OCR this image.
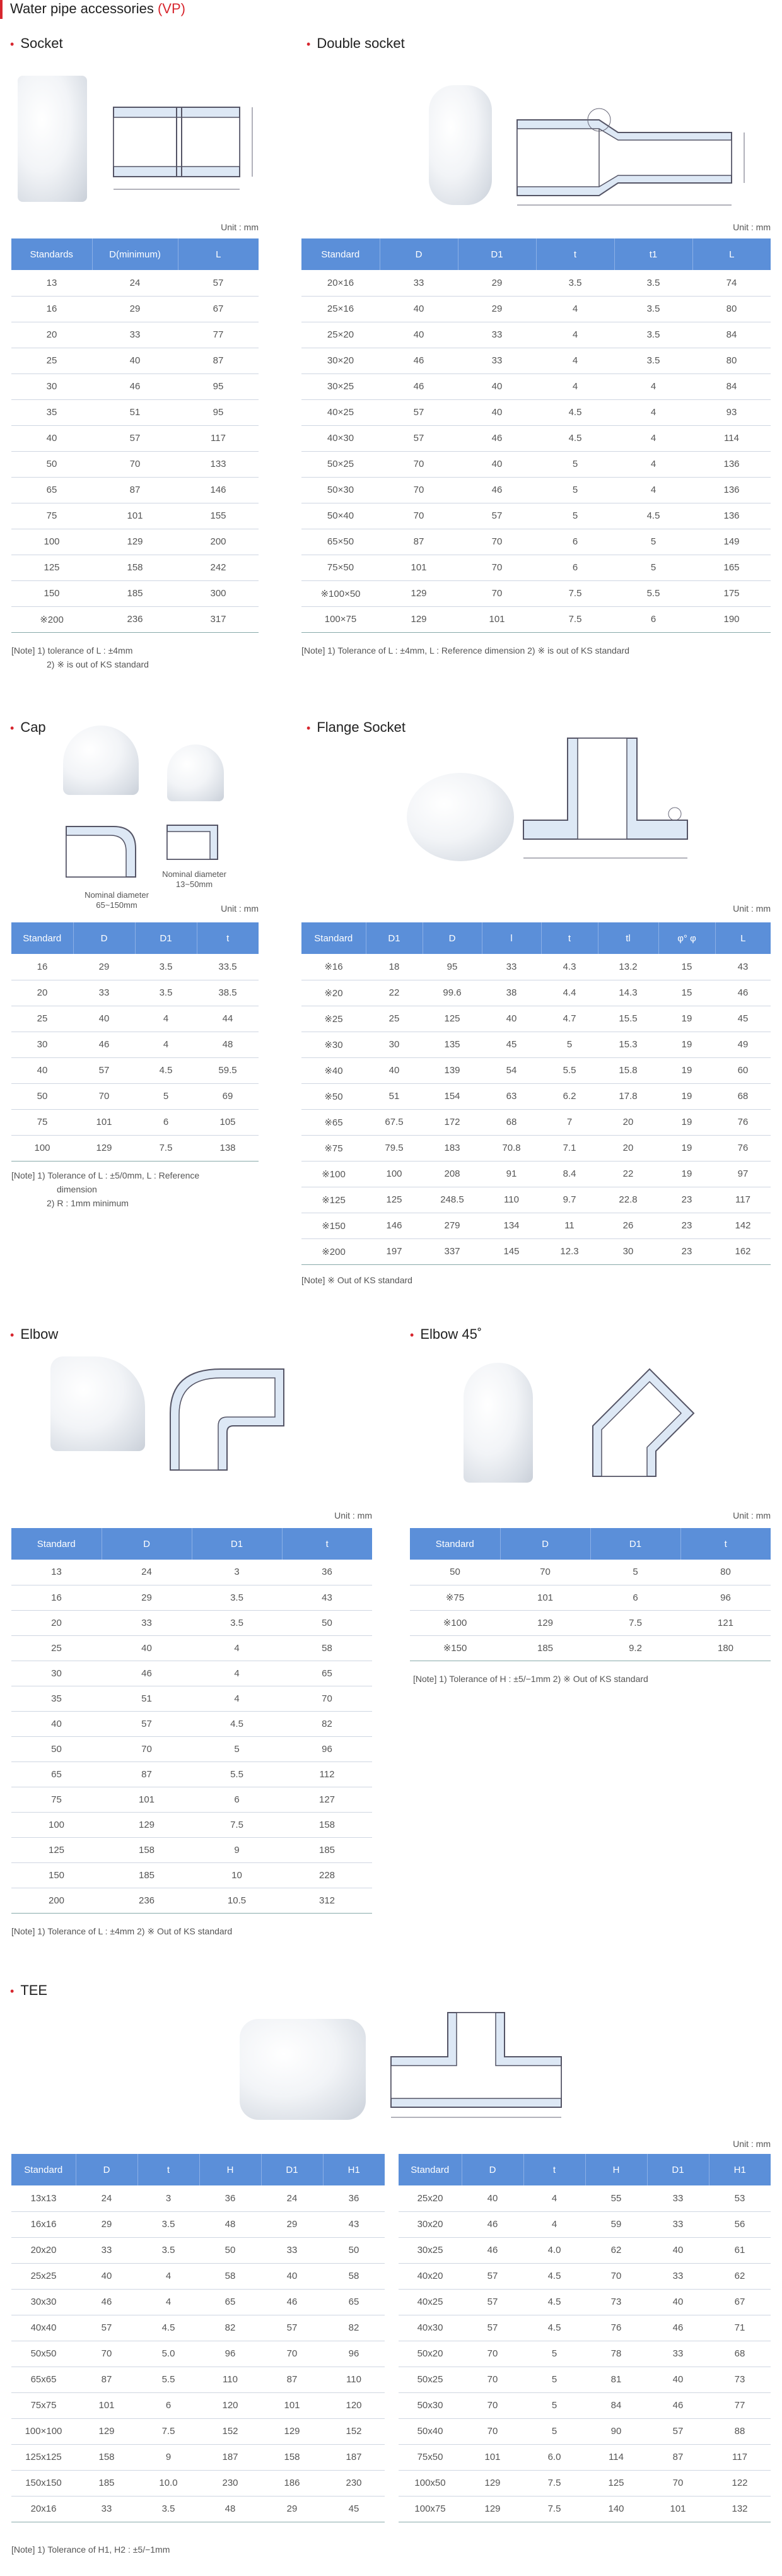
Water pipe accessories (VP)
• Socket
Unit : mm
Standards	D(minimum)	L
13	24	57
16	29	67
20	33	77
25	40	87
30	46	95
35	51	95
40	57	117
50	70	133
65	87	146
75	101	155
100	129	200
125	158	242
150	185	300
※200	236	317
[Note] 1) tolerance of L : ±4mm
2) ※ is out of KS standard
• Double socket
Unit : mm
Standard	D	D1	t	t1	L
20×16	33	29	3.5	3.5	74
25×16	40	29	4	3.5	80
25×20	40	33	4	3.5	84
30×20	46	33	4	3.5	80
30×25	46	40	4	4	84
40×25	57	40	4.5	4	93
40×30	57	46	4.5	4	114
50×25	70	40	5	4	136
50×30	70	46	5	4	136
50×40	70	57	5	4.5	136
65×50	87	70	6	5	149
75×50	101	70	6	5	165
※100×50	129	70	7.5	5.5	175
100×75	129	101	7.5	6	190
[Note] 1) Tolerance of L : ±4mm, L : Reference dimension 2) ※ is out of KS standard
• Cap
Nominal diameter 65~150mm
Nominal diameter 13~50mm
Unit : mm
Standard	D	D1	t
16	29	3.5	33.5
20	33	3.5	38.5
25	40	4	44
30	46	4	48
40	57	4.5	59.5
50	70	5	69
75	101	6	105
100	129	7.5	138
[Note] 1) Tolerance of L : ±5/0mm, L : Reference
dimension
2) R : 1mm minimum
• Flange Socket
Unit : mm
Standard	D1	D	l	t	tl	φ° φ	L
※16	18	95	33	4.3	13.2	15	43
※20	22	99.6	38	4.4	14.3	15	46
※25	25	125	40	4.7	15.5	19	45
※30	30	135	45	5	15.3	19	49
※40	40	139	54	5.5	15.8	19	60
※50	51	154	63	6.2	17.8	19	68
※65	67.5	172	68	7	20	19	76
※75	79.5	183	70.8	7.1	20	19	76
※100	100	208	91	8.4	22	19	97
※125	125	248.5	110	9.7	22.8	23	117
※150	146	279	134	11	26	23	142
※200	197	337	145	12.3	30	23	162
[Note] ※ Out of KS standard
• Elbow
Unit : mm
Standard	D	D1	t
13	24	3	36
16	29	3.5	43
20	33	3.5	50
25	40	4	58
30	46	4	65
35	51	4	70
40	57	4.5	82
50	70	5	96
65	87	5.5	112
75	101	6	127
100	129	7.5	158
125	158	9	185
150	185	10	228
200	236	10.5	312
[Note] 1) Tolerance of L : ±4mm 2) ※ Out of KS standard
• Elbow 45˚
Unit : mm
Standard	D	D1	t
50	70	5	80
※75	101	6	96
※100	129	7.5	121
※150	185	9.2	180
[Note] 1) Tolerance of H : ±5/−1mm 2) ※ Out of KS standard
• TEE
Unit : mm
Standard	D	t	H	D1	H1
13x13	24	3	36	24	36
16x16	29	3.5	48	29	43
20x20	33	3.5	50	33	50
25x25	40	4	58	40	58
30x30	46	4	65	46	65
40x40	57	4.5	82	57	82
50x50	70	5.0	96	70	96
65x65	87	5.5	110	87	110
75x75	101	6	120	101	120
100×100	129	7.5	152	129	152
125x125	158	9	187	158	187
150x150	185	10.0	230	186	230
20x16	33	3.5	48	29	45
Standard	D	t	H	D1	H1
25x20	40	4	55	33	53
30x20	46	4	59	33	56
30x25	46	4.0	62	40	61
40x20	57	4.5	70	33	62
40x25	57	4.5	73	40	67
40x30	57	4.5	76	46	71
50x20	70	5	78	33	68
50x25	70	5	81	40	73
50x30	70	5	84	46	77
50x40	70	5	90	57	88
75x50	101	6.0	114	87	117
100x50	129	7.5	125	70	122
100x75	129	7.5	140	101	132
[Note] 1) Tolerance of H1, H2 : ±5/−1mm
